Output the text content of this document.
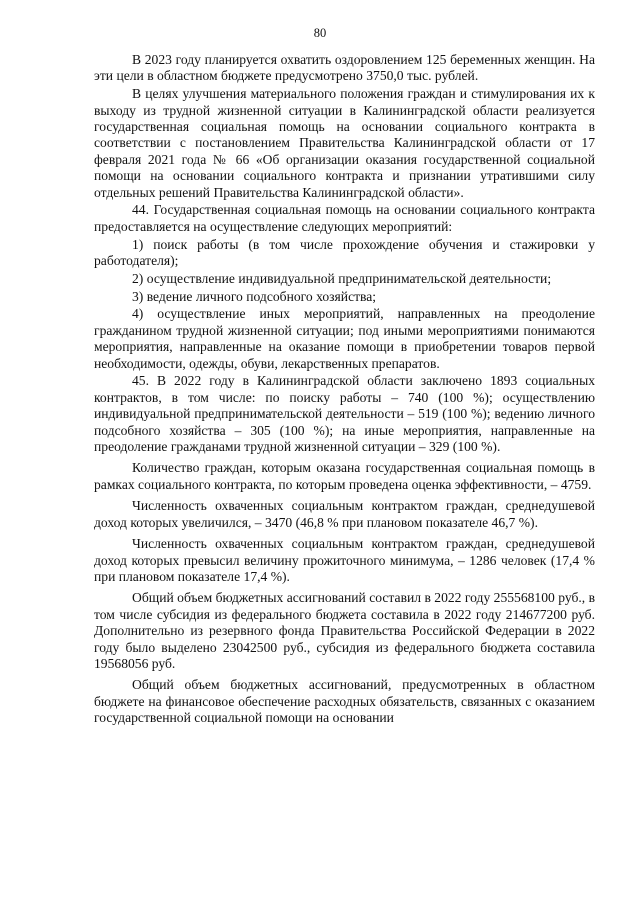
80

В 2023 году планируется охватить оздоровлением 125 беременных женщин. На эти цели в областном бюджете предусмотрено 3750,0 тыс. рублей.

В целях улучшения материального положения граждан и стимулирования их к выходу из трудной жизненной ситуации в Калининградской области реализуется государственная социальная помощь на основании социального контракта в соответствии с постановлением Правительства Калининградской области от 17 февраля 2021 года № 66 «Об организации оказания государственной социальной помощи на основании социального контракта и признании утратившими силу отдельных решений Правительства Калининградской области».

44. Государственная социальная помощь на основании социального контракта предоставляется на осуществление следующих мероприятий:

1) поиск работы (в том числе прохождение обучения и стажировки у работодателя);

2) осуществление индивидуальной предпринимательской деятельности;

3) ведение личного подсобного хозяйства;

4) осуществление иных мероприятий, направленных на преодоление гражданином трудной жизненной ситуации; под иными мероприятиями понимаются мероприятия, направленные на оказание помощи в приобретении товаров первой необходимости, одежды, обуви, лекарственных препаратов.

45. В 2022 году в Калининградской области заключено 1893 социальных контрактов, в том числе: по поиску работы – 740 (100 %); осуществлению индивидуальной предпринимательской деятельности – 519 (100 %); ведению личного подсобного хозяйства – 305 (100 %); на иные мероприятия, направленные на преодоление гражданами трудной жизненной ситуации – 329 (100 %).

Количество граждан, которым оказана государственная социальная помощь в рамках социального контракта, по которым проведена оценка эффективности, – 4759.

Численность охваченных социальным контрактом граждан, среднедушевой доход которых увеличился, – 3470 (46,8 % при плановом показателе 46,7 %).

Численность охваченных социальным контрактом граждан, среднедушевой доход которых превысил величину прожиточного минимума, – 1286 человек (17,4 % при плановом показателе 17,4 %).

Общий объем бюджетных ассигнований составил в 2022 году 255568100 руб., в том числе субсидия из федерального бюджета составила в 2022 году 214677200 руб. Дополнительно из резервного фонда Правительства Российской Федерации в 2022 году было выделено 23042500 руб., субсидия из федерального бюджета составила 19568056 руб.

Общий объем бюджетных ассигнований, предусмотренных в областном бюджете на финансовое обеспечение расходных обязательств, связанных с оказанием государственной социальной помощи на основании
